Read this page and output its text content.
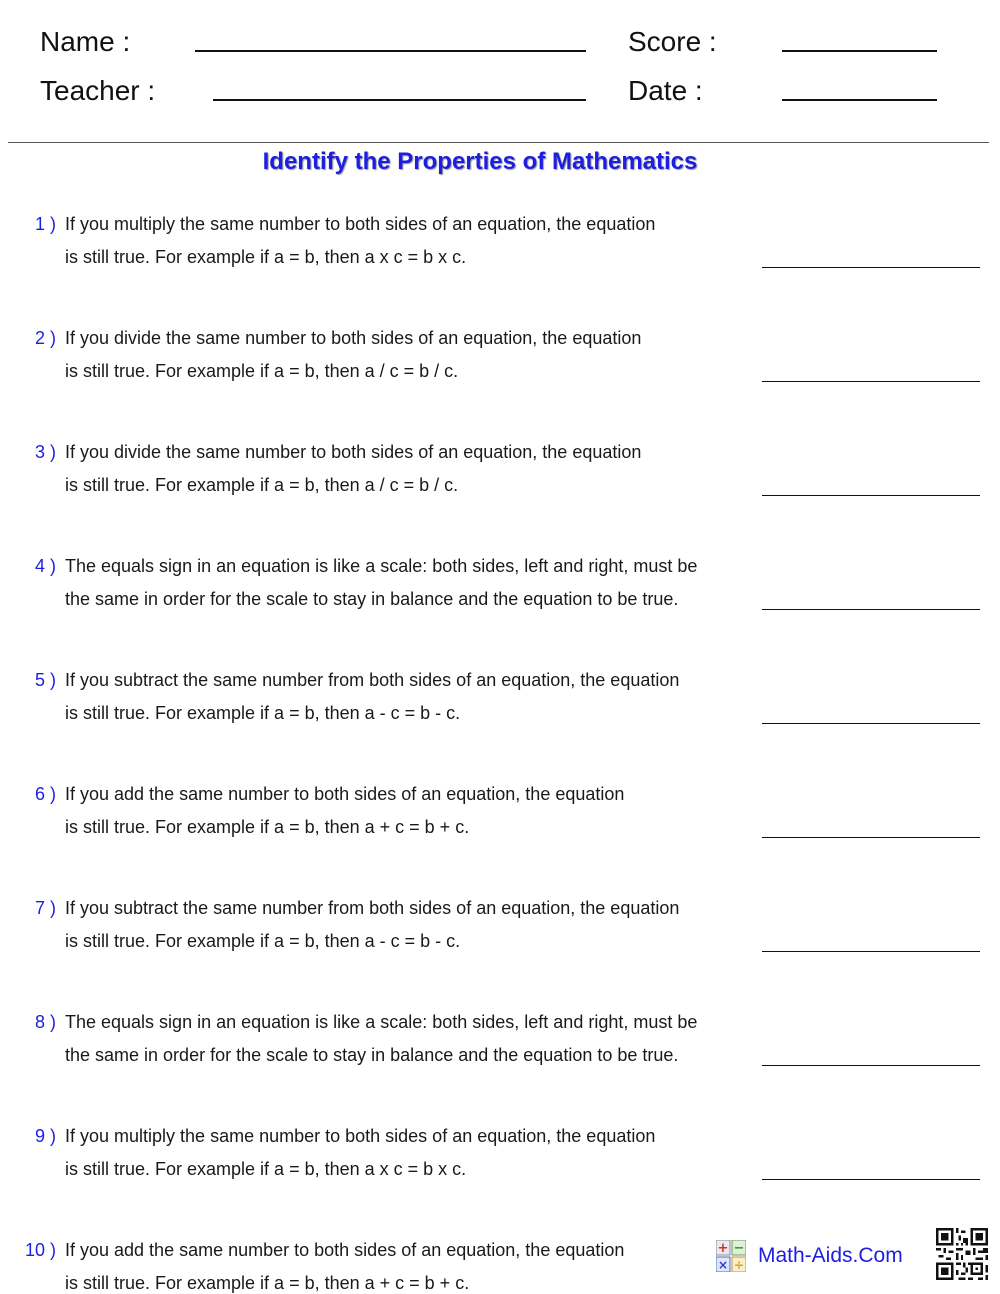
Name :
Teacher :
Score :
Date :
Identify the Properties of Mathematics
1 ) If you multiply the same number to both sides of an equation, the equation
is still true. For example if a = b, then a x c = b x c.
2 ) If you divide the same number to both sides of an equation, the equation
is still true. For example if a = b, then a / c = b / c.
3 ) If you divide the same number to both sides of an equation, the equation
is still true. For example if a = b, then a / c = b / c.
4 ) The equals sign in an equation is like a scale: both sides, left and right, must be
the same in order for the scale to stay in balance and the equation to be true.
5 ) If you subtract the same number from both sides of an equation, the equation
is still true. For example if a = b, then a - c = b - c.
6 ) If you add the same number to both sides of an equation, the equation
is still true. For example if a = b, then a + c = b + c.
7 ) If you subtract the same number from both sides of an equation, the equation
is still true. For example if a = b, then a - c = b - c.
8 ) The equals sign in an equation is like a scale: both sides, left and right, must be
the same in order for the scale to stay in balance and the equation to be true.
9 ) If you multiply the same number to both sides of an equation, the equation
is still true. For example if a = b, then a x c = b x c.
10 ) If you add the same number to both sides of an equation, the equation
is still true. For example if a = b, then a + c = b + c.
+ −
× ÷ Math-Aids.Com
